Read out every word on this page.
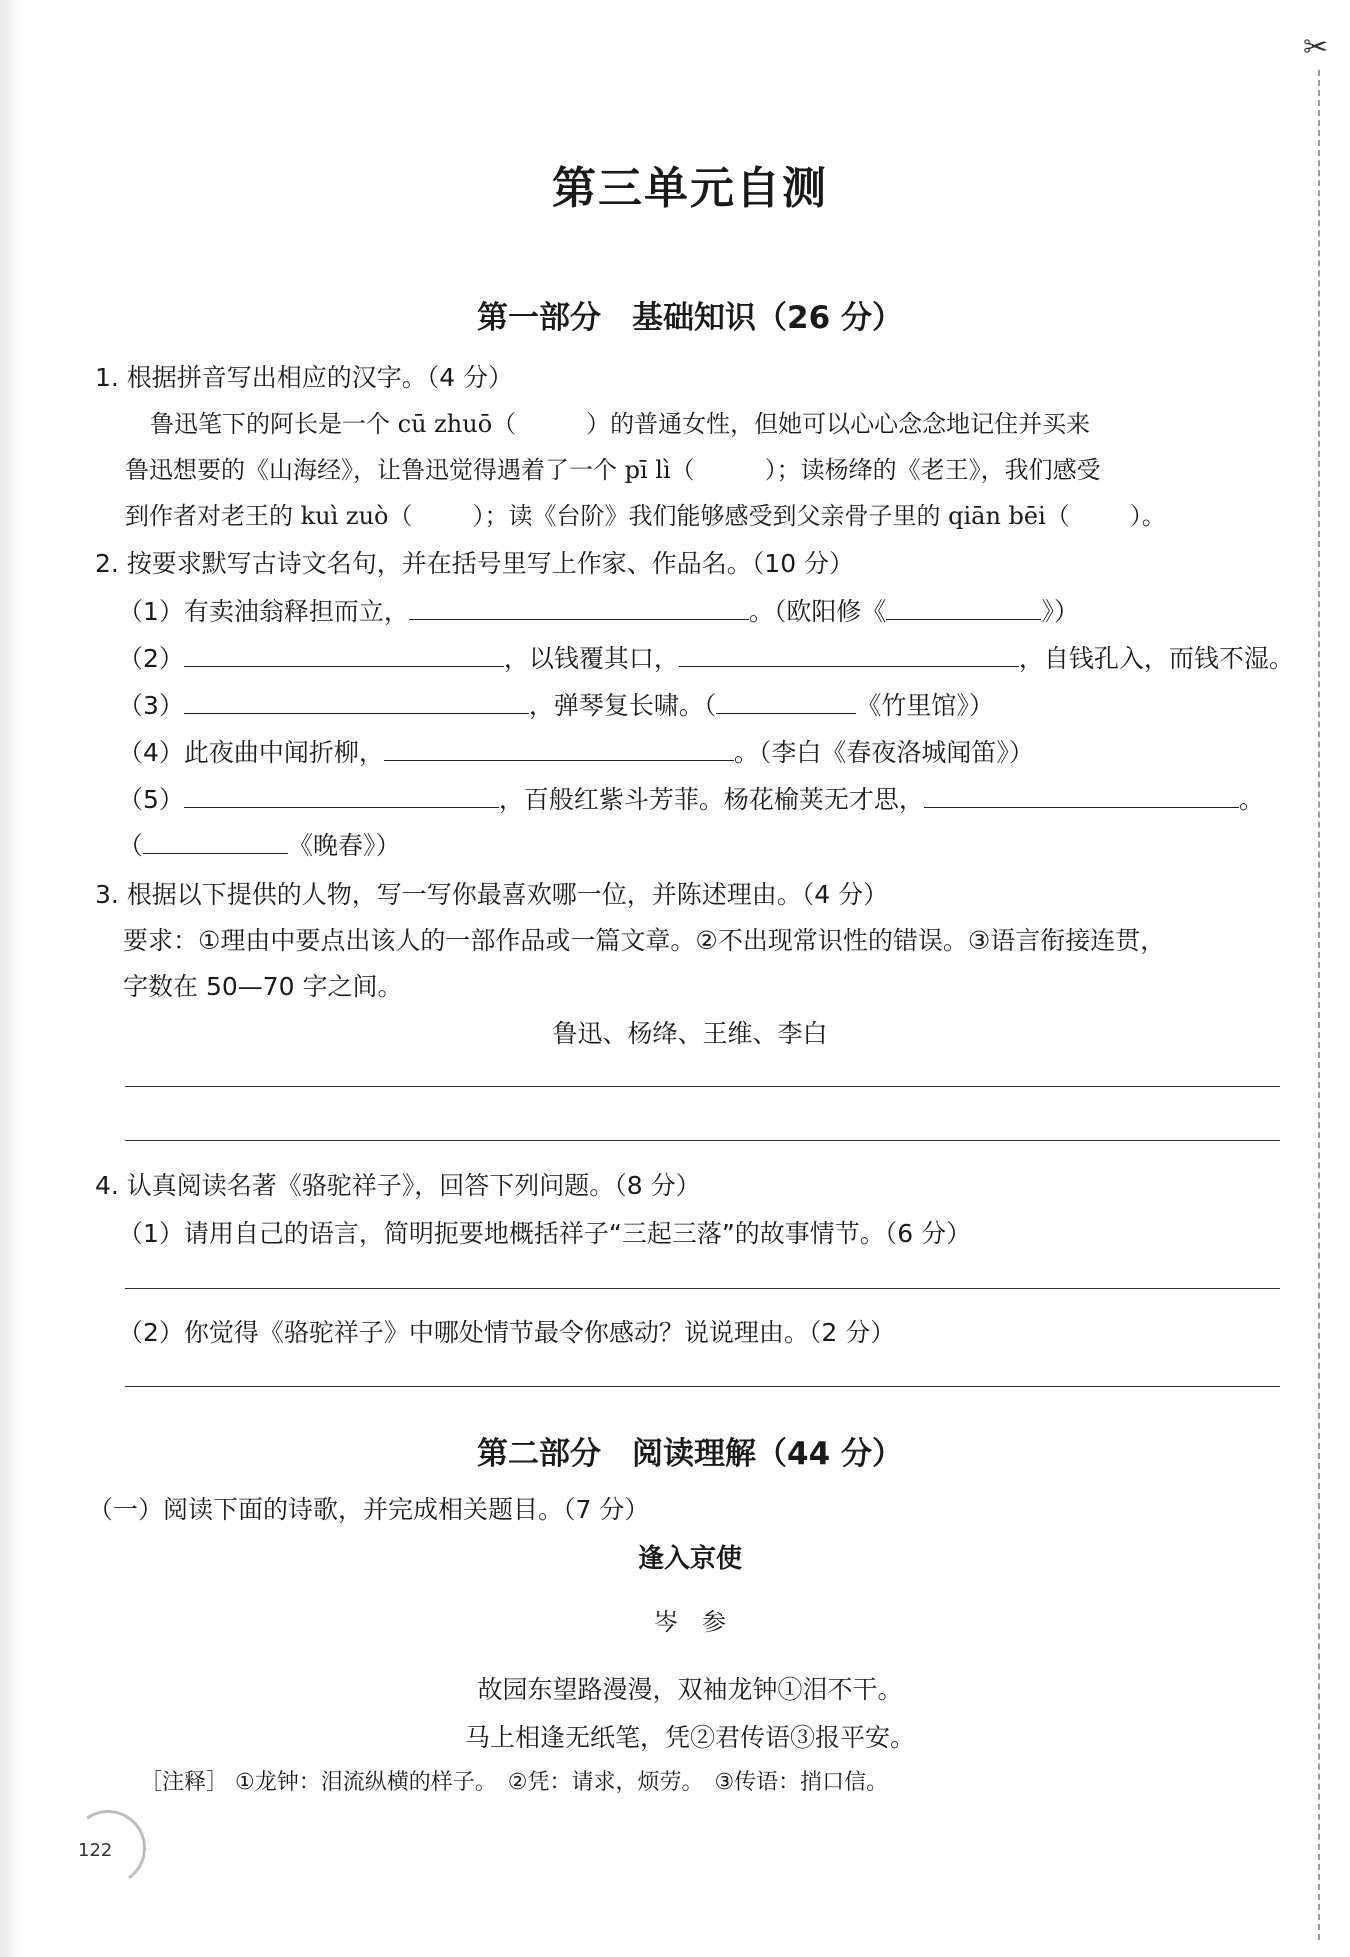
✂
第三单元自测
第一部分　基础知识（26 分）
1. 根据拼音写出相应的汉字。（4 分）
鲁迅笔下的阿长是一个 cū zhuō（	）的普通女性，但她可以心心念念地记住并买来
鲁迅想要的《山海经》，让鲁迅觉得遇着了一个 pī lì（	）；读杨绛的《老王》，我们感受
到作者对老王的 kuì zuò（	）；读《台阶》我们能够感受到父亲骨子里的 qiān bēi（	）。
2. 按要求默写古诗文名句，并在括号里写上作家、作品名。（10 分）
（1）有卖油翁释担而立，	。（欧阳修《	》）
（2）	，以钱覆其口，	，自钱孔入，而钱不湿。
（3）	，弹琴复长啸。（	《竹里馆》）
（4）此夜曲中闻折柳，	。（李白《春夜洛城闻笛》）
（5）	，百般红紫斗芳菲。杨花榆荚无才思，	。
（	《晚春》）
3. 根据以下提供的人物，写一写你最喜欢哪一位，并陈述理由。（4 分）
要求：①理由中要点出该人的一部作品或一篇文章。②不出现常识性的错误。③语言衔接连贯，
字数在 50—70 字之间。
鲁迅、杨绛、王维、李白
4. 认真阅读名著《骆驼祥子》，回答下列问题。（8 分）
（1）请用自己的语言，简明扼要地概括祥子“三起三落”的故事情节。（6 分）
（2）你觉得《骆驼祥子》中哪处情节最令你感动？说说理由。（2 分）
第二部分　阅读理解（44 分）
（一）阅读下面的诗歌，并完成相关题目。（7 分）
逢入京使
岑　参
故园东望路漫漫，双袖龙钟①泪不干。
马上相逢无纸笔，凭②君传语③报平安。
［注释］ ①龙钟：泪流纵横的样子。　②凭：请求，烦劳。　③传语：捎口信。
122
